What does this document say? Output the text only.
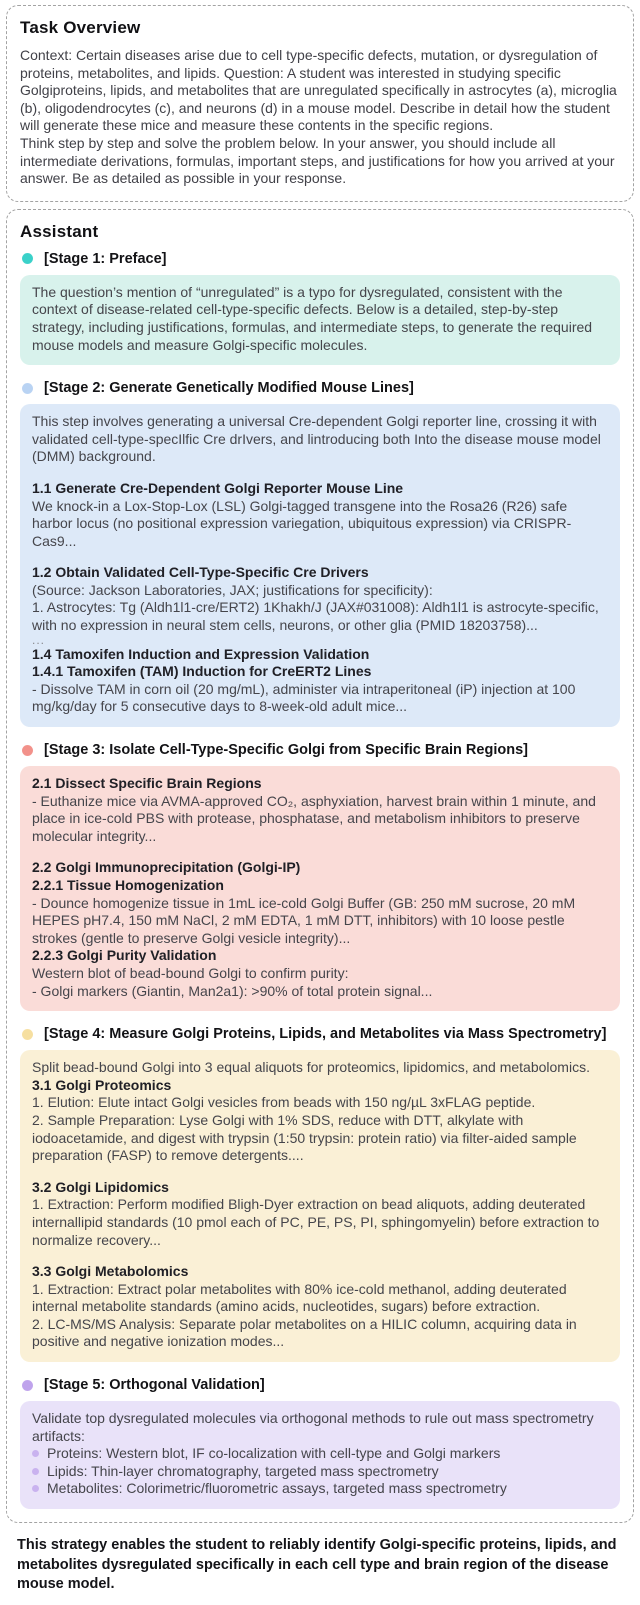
Task Overview

Context: Certain diseases arise due to cell type-specific defects, mutation, or dysregulation of proteins, metabolites, and lipids. Question: A student was interested in studying specific Golgiproteins, lipids, and metabolites that are unregulated specifically in astrocytes (a), microglia (b), oligodendrocytes (c), and neurons (d) in a mouse model. Describe in detail how the student will generate these mice and measure these contents in the specific regions.

Think step by step and solve the problem below. In your answer, you should include all intermediate derivations, formulas, important steps, and justifications for how you arrived at your answer. Be as detailed as possible in your response.

Assistant
[Stage 1: Preface]
The question’s mention of “unregulated” is a typo for dysregulated, consistent with the context of disease-related cell-type-specific defects. Below is a detailed, step-by-step strategy, including justifications, formulas, and intermediate steps, to generate the required mouse models and measure Golgi-specific molecules.
[Stage 2: Generate Genetically Modified Mouse Lines]
This step involves generating a universal Cre-dependent Golgi reporter line, crossing it with validated cell-type-specIlfic Cre drIvers, and lintroducing both Into the disease mouse model (DMM) background.
1.1 Generate Cre-Dependent Golgi Reporter Mouse Line
We knock-in a Lox-Stop-Lox (LSL) Golgi-tagged transgene into the Rosa26 (R26) safe harbor locus (no positional expression variegation, ubiquitous expression) via CRISPR-Cas9...
1.2 Obtain Validated Cell-Type-Specific Cre Drivers
(Source: Jackson Laboratories, JAX; justifications for specificity):
1. Astrocytes: Tg (Aldh1l1-cre/ERT2) 1Khakh/J (JAX#031008): Aldh1l1 is astrocyte-specific, with no expression in neural stem cells, neurons, or other glia (PMID 18203758)...
...
1.4 Tamoxifen Induction and Expression Validation
1.4.1 Tamoxifen (TAM) Induction for CreERT2 Lines
- Dissolve TAM in corn oil (20 mg/mL), administer via intraperitoneal (iP) injection at 100 mg/kg/day for 5 consecutive days to 8-week-old adult mice...
[Stage 3: Isolate Cell-Type-Specific Golgi from Specific Brain Regions]
2.1 Dissect Specific Brain Regions
- Euthanize mice via AVMA-approved CO₂, asphyxiation, harvest brain within 1 minute, and place in ice-cold PBS with protease, phosphatase, and metabolism inhibitors to preserve molecular integrity...
2.2 Golgi Immunoprecipitation (Golgi-IP)
2.2.1 Tissue Homogenization
- Dounce homogenize tissue in 1mL ice-cold Golgi Buffer (GB: 250 mM sucrose, 20 mM HEPES pH7.4, 150 mM NaCl, 2 mM EDTA, 1 mM DTT, inhibitors) with 10 loose pestle strokes (gentle to preserve Golgi vesicle integrity)...
2.2.3 Golgi Purity Validation
Western blot of bead-bound Golgi to confirm purity:
- Golgi markers (Giantin, Man2a1): >90% of total protein signal...
[Stage 4: Measure Golgi Proteins, Lipids, and Metabolites via Mass Spectrometry]
Split bead-bound Golgi into 3 equal aliquots for proteomics, lipidomics, and metabolomics.
3.1 Golgi Proteomics
1. Elution: Elute intact Golgi vesicles from beads with 150 ng/µL 3xFLAG peptide.
2. Sample Preparation: Lyse Golgi with 1% SDS, reduce with DTT, alkylate with iodoacetamide, and digest with trypsin (1:50 trypsin: protein ratio) via filter-aided sample preparation (FASP) to remove detergents....
3.2 Golgi Lipidomics
1. Extraction: Perform modified Bligh-Dyer extraction on bead aliquots, adding deuterated internallipid standards (10 pmol each of PC, PE, PS, PI, sphingomyelin) before extraction to normalize recovery...
3.3 Golgi Metabolomics
1. Extraction: Extract polar metabolites with 80% ice-cold methanol, adding deuterated internal metabolite standards (amino acids, nucleotides, sugars) before extraction.
2. LC-MS/MS Analysis: Separate polar metabolites on a HILIC column, acquiring data in positive and negative ionization modes...
[Stage 5: Orthogonal Validation]
Validate top dysregulated molecules via orthogonal methods to rule out mass spectrometry artifacts:
Proteins: Western blot, IF co-localization with cell-type and Golgi markers
Lipids: Thin-layer chromatography, targeted mass spectrometry
Metabolites: Colorimetric/fluorometric assays, targeted mass spectrometry
This strategy enables the student to reliably identify Golgi-specific proteins, lipids, and metabolites dysregulated specifically in each cell type and brain region of the disease mouse model.
